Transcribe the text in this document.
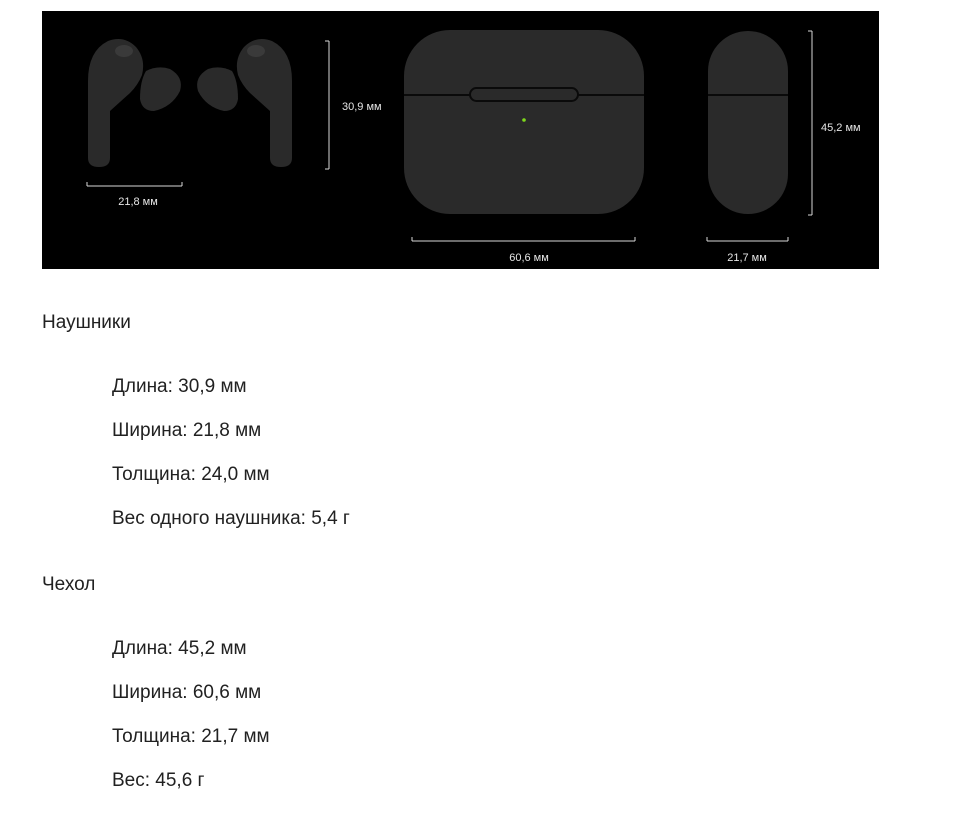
21,8 мм
30,9 мм
60,6 мм	21,7 мм
45,2 мм
Наушники
Длина: 30,9 мм
Ширина: 21,8 мм
Толщина: 24,0 мм
Вес одного наушника: 5,4 г
Чехол
Длина: 45,2 мм
Ширина: 60,6 мм
Толщина: 21,7 мм
Вес: 45,6 г
